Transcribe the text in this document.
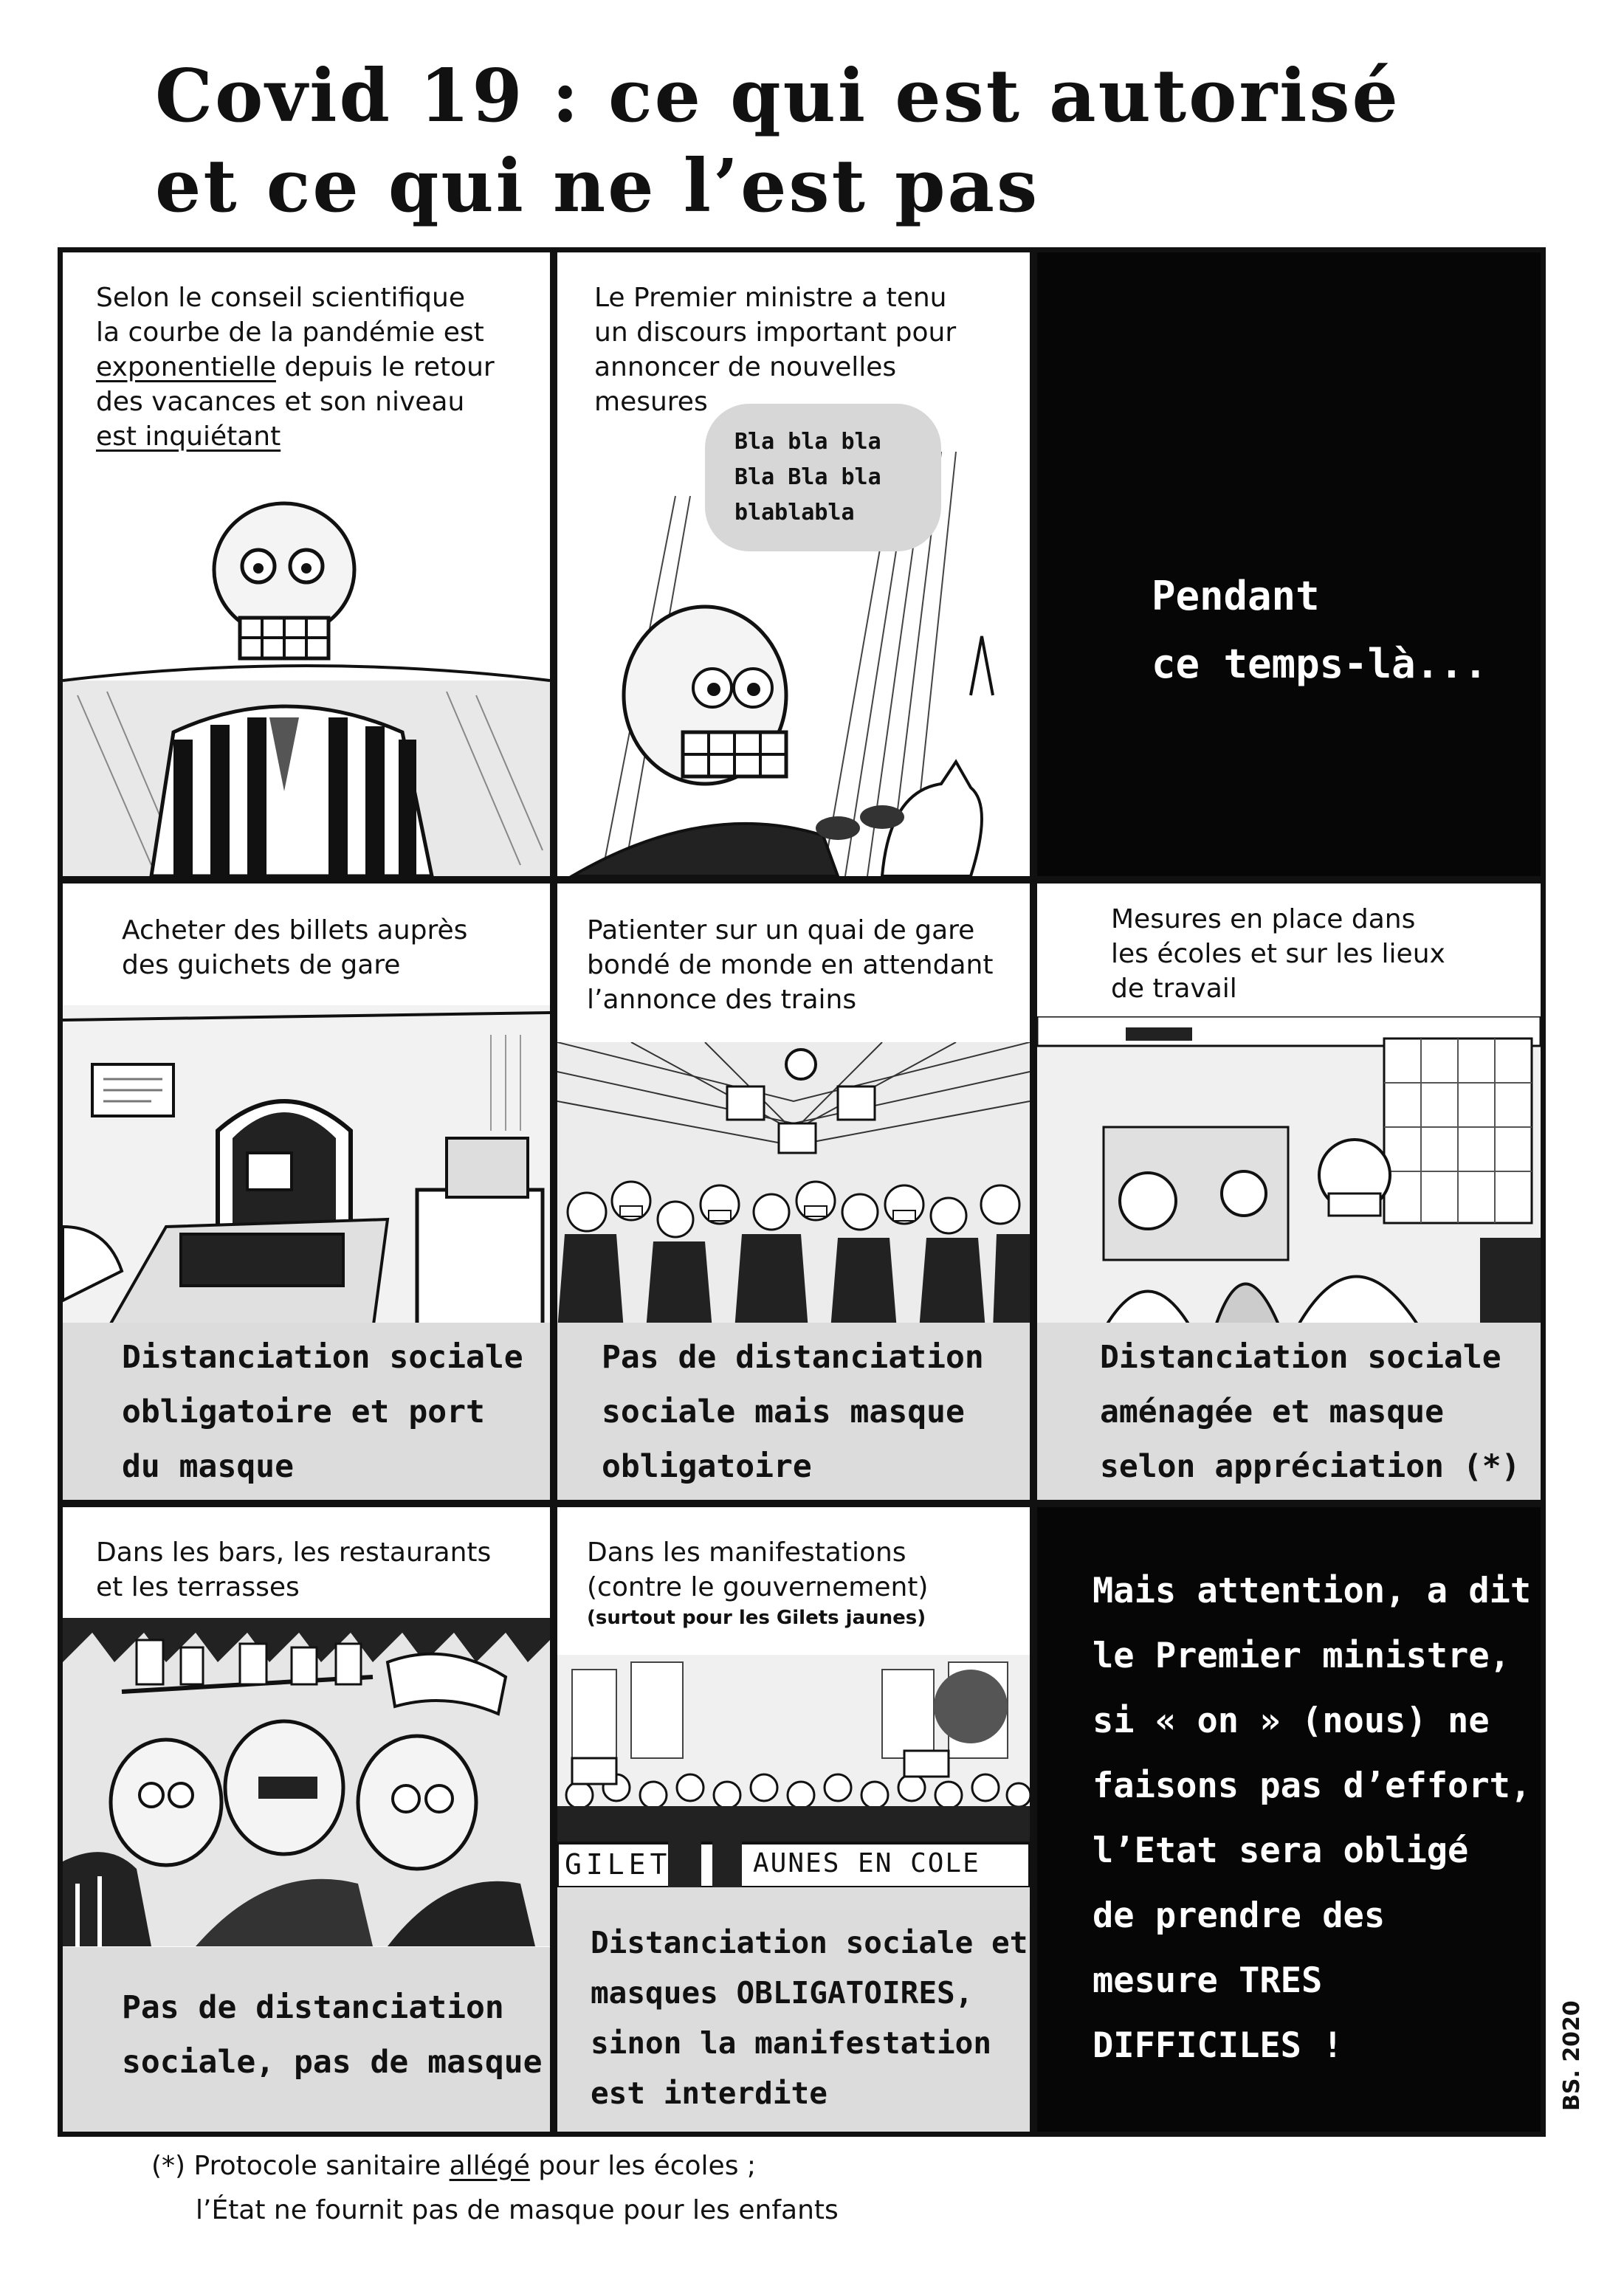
Covid 19 : ce qui est autorisé
et ce qui ne l’est pas
Selon le conseil scientifique
la courbe de la pandémie est
exponentielle depuis le retour
des vacances et son niveau
est inquiétant
Le Premier ministre a tenu
un discours important pour
annoncer de nouvelles
mesures
Bla bla bla
Bla Bla bla
blablabla
Pendant
ce temps-là...
Acheter des billets auprès
des guichets de gare
Distanciation sociale
obligatoire et port
du masque
Patienter sur un quai de gare
bondé de monde en attendant
l’annonce des trains
Pas de distanciation
sociale mais masque
obligatoire
Mesures en place dans
les écoles et sur les lieux
de travail
Distanciation sociale
aménagée et masque
selon appréciation (*)
Dans les bars, les restaurants
et les terrasses
Pas de distanciation
sociale, pas de masque
Dans les manifestations
(contre le gouvernement)
(surtout pour les Gilets jaunes)
GILET	AUNES EN COLE
Distanciation sociale et
masques OBLIGATOIRES,
sinon la manifestation
est interdite
Mais attention, a dit
le Premier ministre,
si « on » (nous) ne
faisons pas d’effort,
l’Etat sera obligé
de prendre des
mesure TRES
DIFFICILES !	BS. 2020
(*) Protocole sanitaire allégé pour les écoles ;
l’État ne fournit pas de masque pour les enfants
